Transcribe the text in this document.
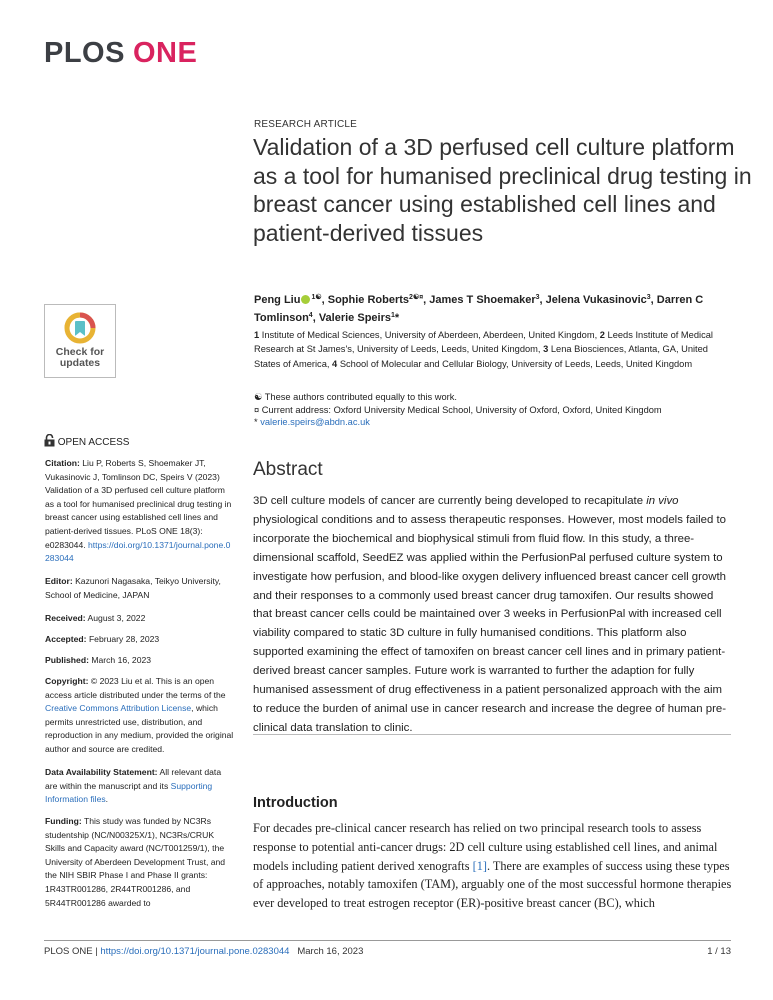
PLOS ONE
Check for
updates
OPEN ACCESS
Citation: Liu P, Roberts S, Shoemaker JT, Vukasinovic J, Tomlinson DC, Speirs V (2023) Validation of a 3D perfused cell culture platform as a tool for humanised preclinical drug testing in breast cancer using established cell lines and patient-derived tissues. PLoS ONE 18(3): e0283044. https://doi.org/10.1371/journal.pone.0283044
Editor: Kazunori Nagasaka, Teikyo University, School of Medicine, JAPAN
Received: August 3, 2022
Accepted: February 28, 2023
Published: March 16, 2023
Copyright: © 2023 Liu et al. This is an open access article distributed under the terms of the Creative Commons Attribution License, which permits unrestricted use, distribution, and reproduction in any medium, provided the original author and source are credited.
Data Availability Statement: All relevant data are within the manuscript and its Supporting Information files.
Funding: This study was funded by NC3Rs studentship (NC/N00325X/1), NC3Rs/CRUK Skills and Capacity award (NC/T001259/1), the University of Aberdeen Development Trust, and the NIH SBIR Phase I and Phase II grants: 1R43TR001286, 2R44TR001286, and 5R44TR001286 awarded to
RESEARCH ARTICLE
Validation of a 3D perfused cell culture platform as a tool for humanised preclinical drug testing in breast cancer using established cell lines and patient-derived tissues
Peng Liu $^{1☯}$, Sophie Roberts$^{2☯¤}$, James T Shoemaker$^3$, Jelena Vukasinovic$^3$, Darren C Tomlinson$^4$, Valerie Speirs$^1$*
1 Institute of Medical Sciences, University of Aberdeen, Aberdeen, United Kingdom, 2 Leeds Institute of Medical Research at St James's, University of Leeds, Leeds, United Kingdom, 3 Lena Biosciences, Atlanta, GA, United States of America, 4 School of Molecular and Cellular Biology, University of Leeds, Leeds, United Kingdom
☯ These authors contributed equally to this work.
¤ Current address: Oxford University Medical School, University of Oxford, Oxford, United Kingdom
* valerie.speirs@abdn.ac.uk
Abstract
3D cell culture models of cancer are currently being developed to recapitulate in vivo physiological conditions and to assess therapeutic responses. However, most models failed to incorporate the biochemical and biophysical stimuli from fluid flow. In this study, a three-dimensional scaffold, SeedEZ was applied within the PerfusionPal perfused culture system to investigate how perfusion, and blood-like oxygen delivery influenced breast cancer cell growth and their responses to a commonly used breast cancer drug tamoxifen. Our results showed that breast cancer cells could be maintained over 3 weeks in PerfusionPal with increased cell viability compared to static 3D culture in fully humanised conditions. This platform also supported examining the effect of tamoxifen on breast cancer cell lines and in primary patient-derived breast cancer samples. Future work is warranted to further the adaption for fully humanised assessment of drug effectiveness in a patient personalized approach with the aim to reduce the burden of animal use in cancer research and increase the degree of human pre-clinical data translation to clinic.
Introduction
For decades pre-clinical cancer research has relied on two principal research tools to assess response to potential anti-cancer drugs: 2D cell culture using established cell lines, and animal models including patient derived xenografts [1]. There are examples of success using these types of approaches, notably tamoxifen (TAM), arguably one of the most successful hormone therapies ever developed to treat estrogen receptor (ER)-positive breast cancer (BC), which
PLOS ONE | https://doi.org/10.1371/journal.pone.0283044 March 16, 2023	1 / 13
